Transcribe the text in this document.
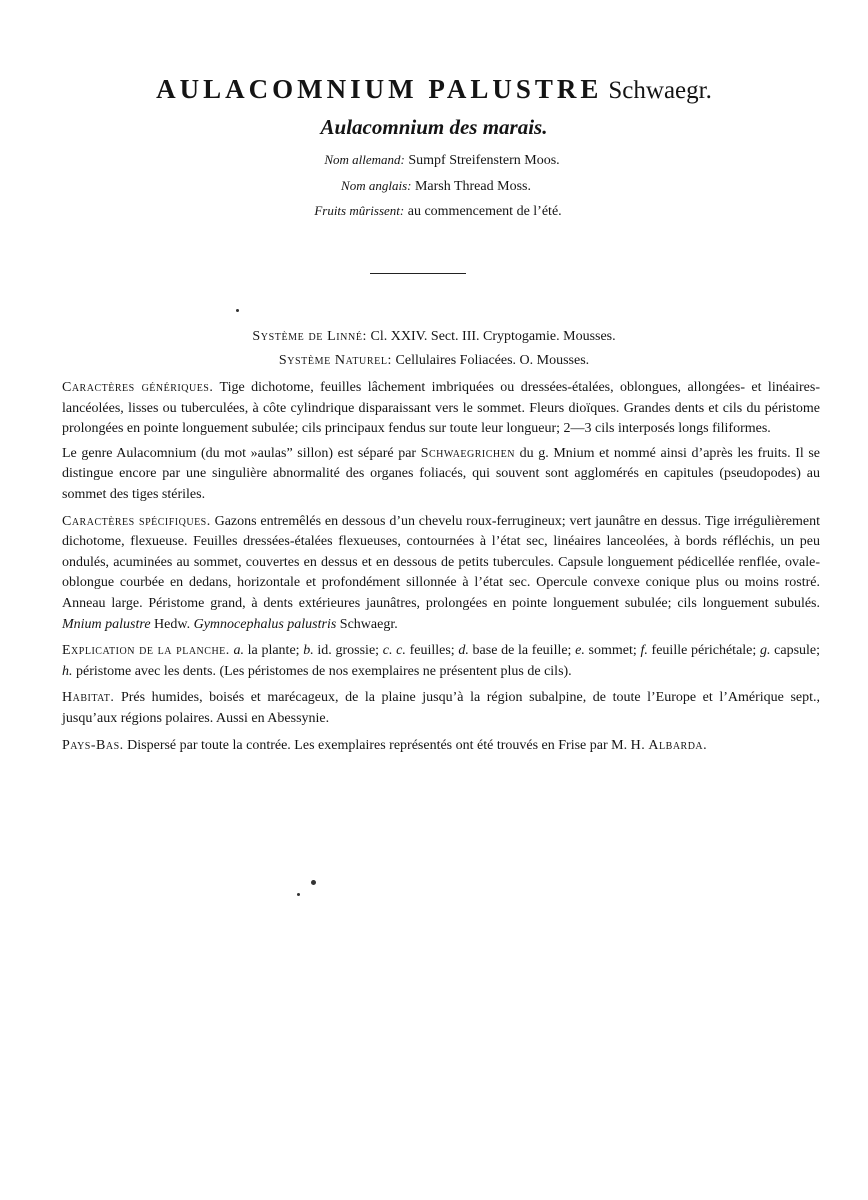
AULACOMNIUM PALUSTRE Schwaegr.
Aulacomnium des marais.
Nom allemand: Sumpf Streifenstern Moos.
Nom anglais: Marsh Thread Moss.
Fruits mûrissent: au commencement de l’été.
Système de Linné: Cl. XXIV. Sect. III. Cryptogamie. Mousses.
Système Naturel: Cellulaires Foliacées. O. Mousses.

Caractères génériques. Tige dichotome, feuilles lâchement imbriquées ou dressées-étalées, oblongues, allongées- et linéaires-lancéolées, lisses ou tuberculées, à côte cylindrique disparaissant vers le sommet. Fleurs dioïques. Grandes dents et cils du péristome prolongées en pointe longuement subulée; cils principaux fendus sur toute leur longueur; 2—3 cils interposés longs filiformes.

Le genre Aulacomnium (du mot »aulas” sillon) est séparé par Schwaegrichen du g. Mnium et nommé ainsi d’après les fruits. Il se distingue encore par une singulière abnormalité des organes foliacés, qui souvent sont agglomérés en capitules (pseudopodes) au sommet des tiges stériles.

Caractères spécifiques. Gazons entremêlés en dessous d’un chevelu roux-ferrugineux; vert jaunâtre en dessus. Tige irrégulièrement dichotome, flexueuse. Feuilles dressées-étalées flexueuses, contournées à l’état sec, linéaires lanceolées, à bords réfléchis, un peu ondulés, acuminées au sommet, couvertes en dessus et en dessous de petits tubercules. Capsule longuement pédicellée renflée, ovale-oblongue courbée en dedans, horizontale et profondément sillonnée à l’état sec. Opercule convexe conique plus ou moins rostré. Anneau large. Péristome grand, à dents extérieures jaunâtres, prolongées en pointe longuement subulée; cils longuement subulés. Mnium palustre Hedw. Gymnocephalus palustris Schwaegr.

Explication de la planche. a. la plante; b. id. grossie; c. c. feuilles; d. base de la feuille; e. sommet; f. feuille périchétale; g. capsule; h. péristome avec les dents. (Les péristomes de nos exemplaires ne présentent plus de cils).

Habitat. Prés humides, boisés et marécageux, de la plaine jusqu’à la région subalpine, de toute l’Europe et l’Amérique sept., jusqu’aux régions polaires. Aussi en Abessynie.

Pays-Bas. Dispersé par toute la contrée. Les exemplaires représentés ont été trouvés en Frise par M. H. Albarda.
